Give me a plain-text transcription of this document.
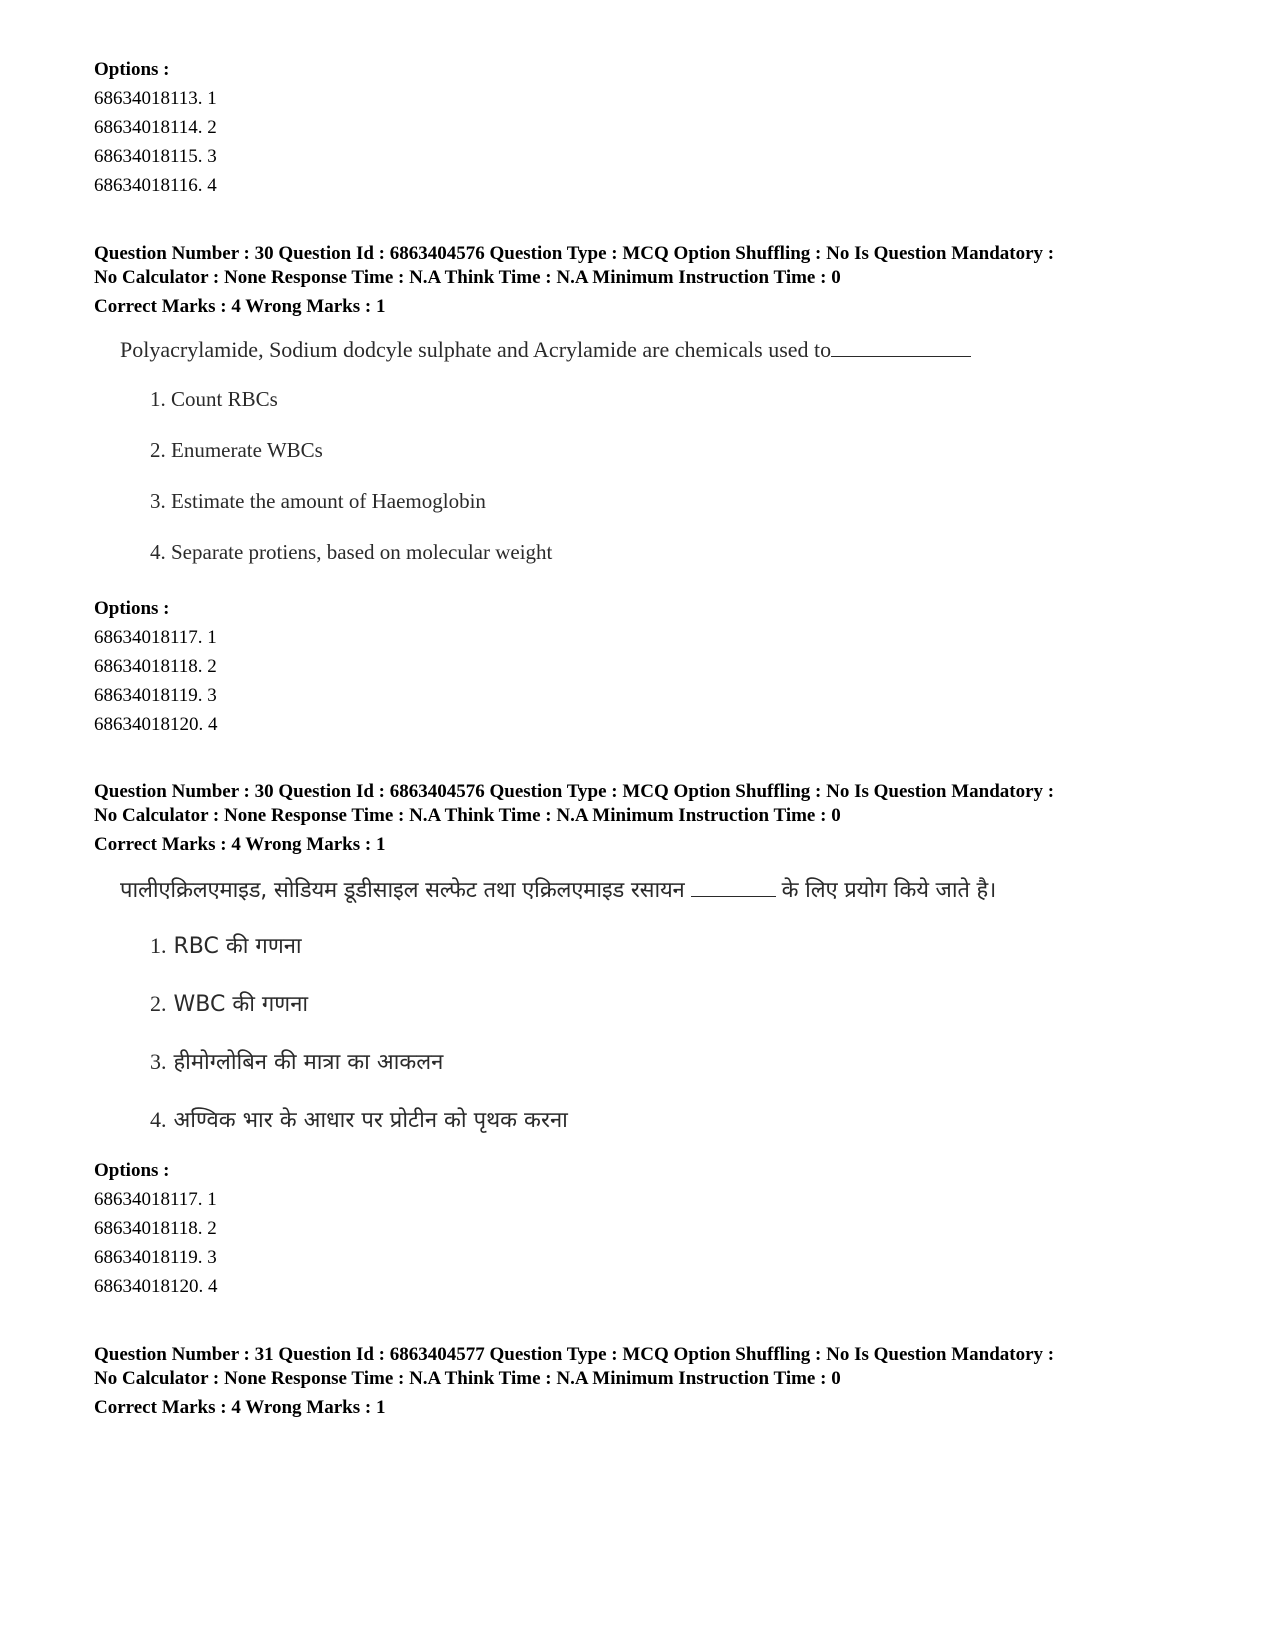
Options :

68634018113. 1

68634018114. 2

68634018115. 3

68634018116. 4

Question Number : 30 Question Id : 6863404576 Question Type : MCQ Option Shuffling : No Is Question Mandatory :

No Calculator : None Response Time : N.A Think Time : N.A Minimum Instruction Time : 0

Correct Marks : 4 Wrong Marks : 1

Polyacrylamide, Sodium dodcyle sulphate and Acrylamide are chemicals used to

1. Count RBCs

2. Enumerate WBCs

3. Estimate the amount of Haemoglobin

4. Separate protiens, based on molecular weight

Options :

68634018117. 1

68634018118. 2

68634018119. 3

68634018120. 4

Question Number : 30 Question Id : 6863404576 Question Type : MCQ Option Shuffling : No Is Question Mandatory :

No Calculator : None Response Time : N.A Think Time : N.A Minimum Instruction Time : 0

Correct Marks : 4 Wrong Marks : 1

पालीएक्रिलएमाइड, सोडियम डूडीसाइल सल्फेट तथा एक्रिलएमाइड रसायन	के लिए प्रयोग किये जाते है।

1. RBC की गणना

2. WBC की गणना

3. हीमोग्लोबिन की मात्रा का आकलन

4. अण्विक भार के आधार पर प्रोटीन को पृथक करना

Options :

68634018117. 1

68634018118. 2

68634018119. 3

68634018120. 4

Question Number : 31 Question Id : 6863404577 Question Type : MCQ Option Shuffling : No Is Question Mandatory :

No Calculator : None Response Time : N.A Think Time : N.A Minimum Instruction Time : 0

Correct Marks : 4 Wrong Marks : 1
